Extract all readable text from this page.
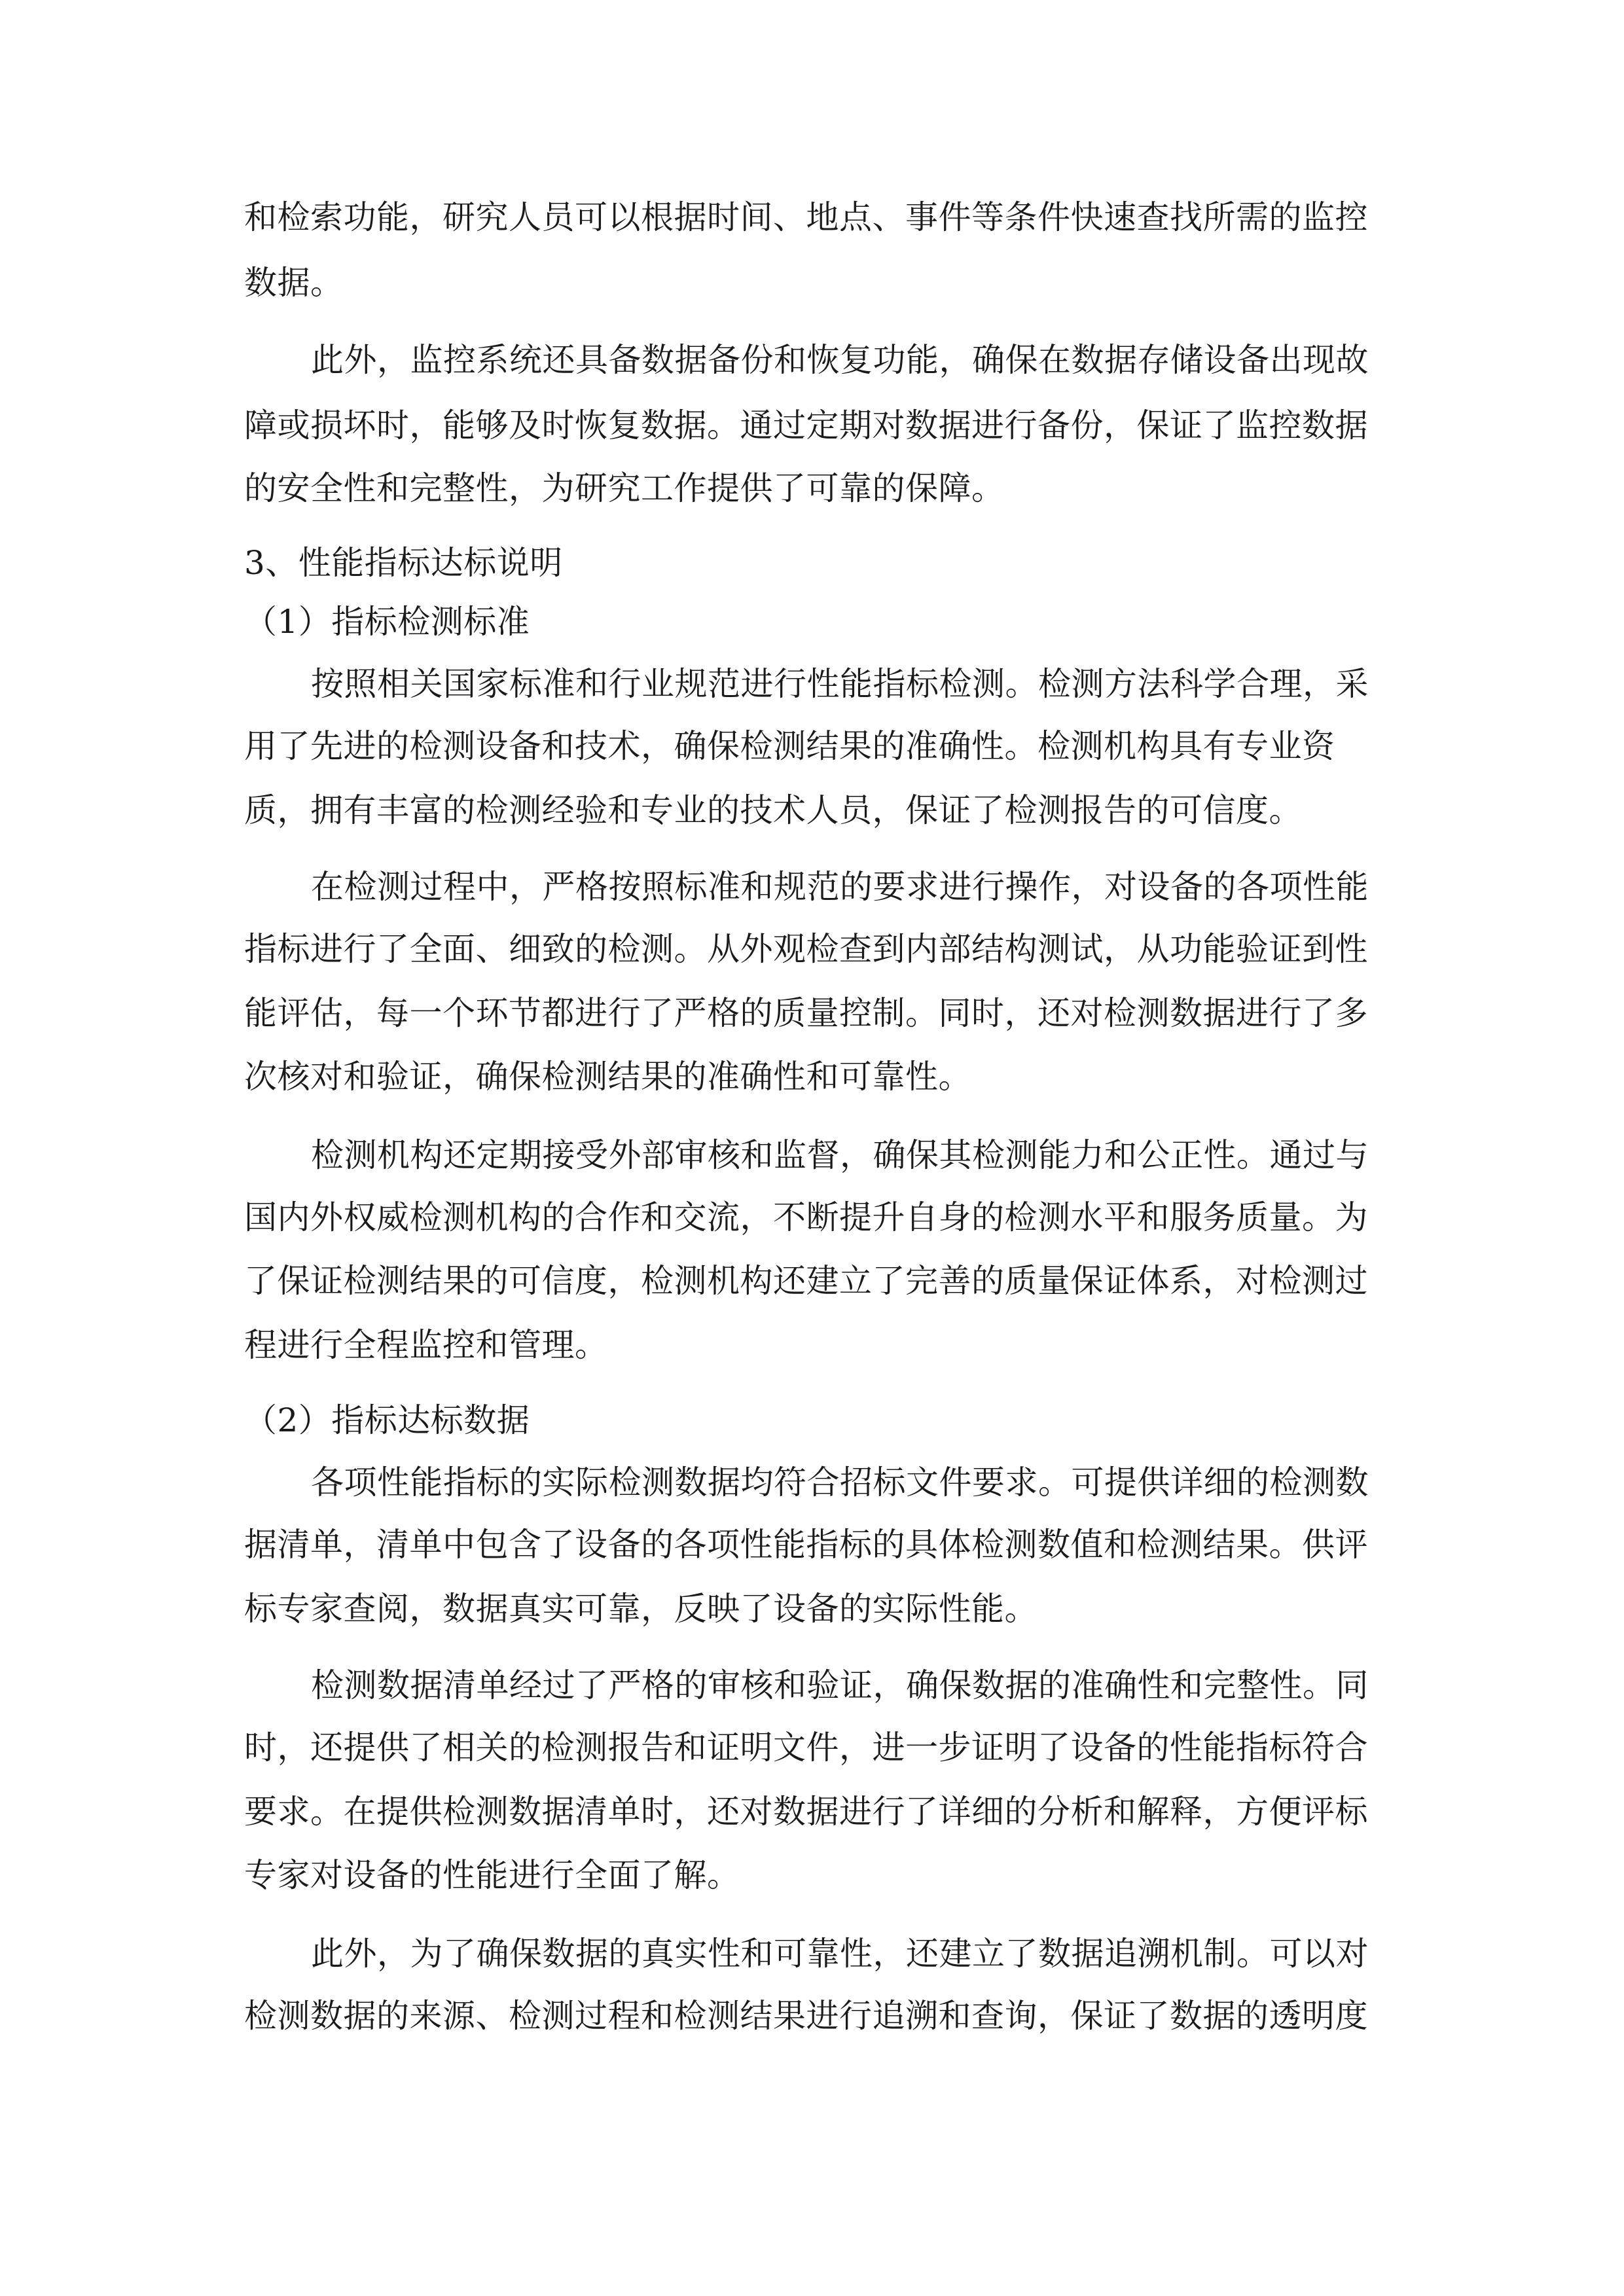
和检索功能，研究人员可以根据时间、地点、事件等条件快速查找所需的监控
数据。
此外，监控系统还具备数据备份和恢复功能，确保在数据存储设备出现故
障或损坏时，能够及时恢复数据。通过定期对数据进行备份，保证了监控数据
的安全性和完整性，为研究工作提供了可靠的保障。
3、性能指标达标说明
（1）指标检测标准
按照相关国家标准和行业规范进行性能指标检测。检测方法科学合理，采
用了先进的检测设备和技术，确保检测结果的准确性。检测机构具有专业资
质，拥有丰富的检测经验和专业的技术人员，保证了检测报告的可信度。
在检测过程中，严格按照标准和规范的要求进行操作，对设备的各项性能
指标进行了全面、细致的检测。从外观检查到内部结构测试，从功能验证到性
能评估，每一个环节都进行了严格的质量控制。同时，还对检测数据进行了多
次核对和验证，确保检测结果的准确性和可靠性。
检测机构还定期接受外部审核和监督，确保其检测能力和公正性。通过与
国内外权威检测机构的合作和交流，不断提升自身的检测水平和服务质量。为
了保证检测结果的可信度，检测机构还建立了完善的质量保证体系，对检测过
程进行全程监控和管理。
（2）指标达标数据
各项性能指标的实际检测数据均符合招标文件要求。可提供详细的检测数
据清单，清单中包含了设备的各项性能指标的具体检测数值和检测结果。供评
标专家查阅，数据真实可靠，反映了设备的实际性能。
检测数据清单经过了严格的审核和验证，确保数据的准确性和完整性。同
时，还提供了相关的检测报告和证明文件，进一步证明了设备的性能指标符合
要求。在提供检测数据清单时，还对数据进行了详细的分析和解释，方便评标
专家对设备的性能进行全面了解。
此外，为了确保数据的真实性和可靠性，还建立了数据追溯机制。可以对
检测数据的来源、检测过程和检测结果进行追溯和查询，保证了数据的透明度
